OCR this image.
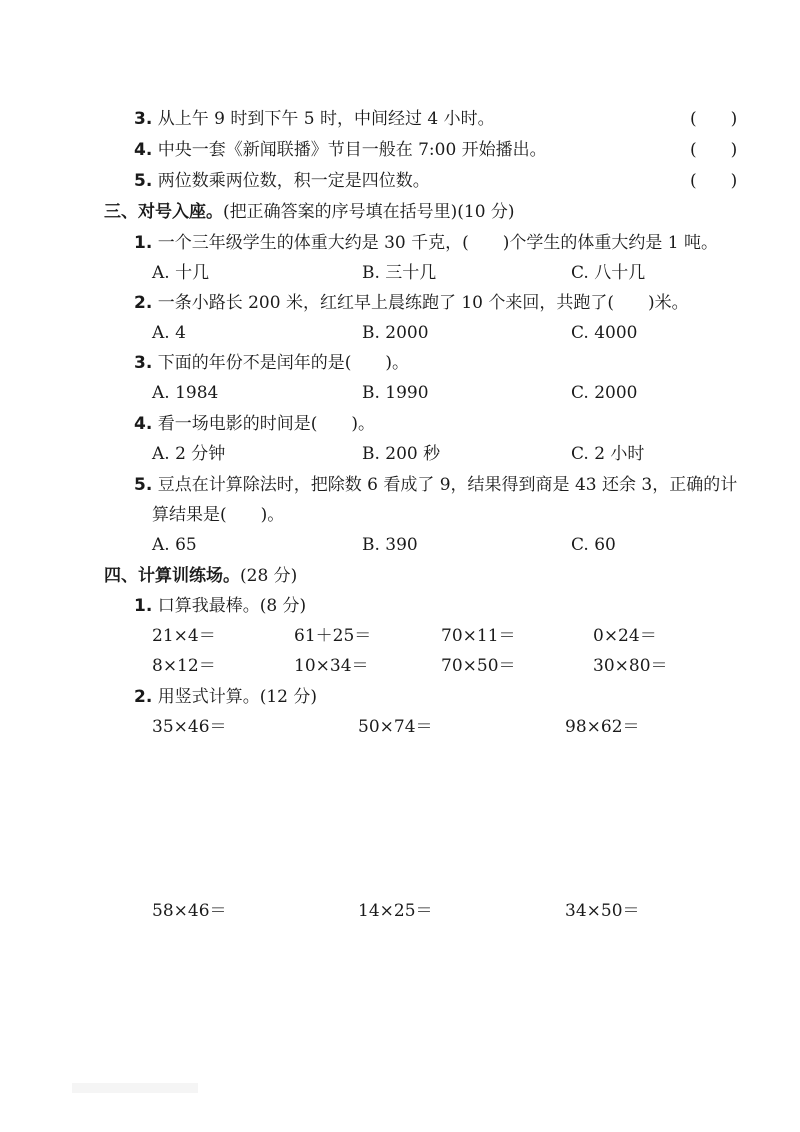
3. 从上午 9 时到下午 5 时，中间经过 4 小时。	(　　)
4. 中央一套《新闻联播》节目一般在 7:00 开始播出。	(　　)
5. 两位数乘两位数，积一定是四位数。	(　　)
三、对号入座。(把正确答案的序号填在括号里)(10 分)
1. 一个三年级学生的体重大约是 30 千克，(　　)个学生的体重大约是 1 吨。
A. 十几	B. 三十几	C. 八十几
2. 一条小路长 200 米，红红早上晨练跑了 10 个来回，共跑了(　　)米。
A. 4	B. 2000	C. 4000
3. 下面的年份不是闰年的是(　　)。
A. 1984	B. 1990	C. 2000
4. 看一场电影的时间是(　　)。
A. 2 分钟	B. 200 秒	C. 2 小时
5. 豆点在计算除法时，把除数 6 看成了 9，结果得到商是 43 还余 3，正确的计
算结果是(　　)。
A. 65	B. 390	C. 60
四、计算训练场。(28 分)
1. 口算我最棒。(8 分)
21×4＝	61＋25＝	70×11＝	0×24＝
8×12＝	10×34＝	70×50＝	30×80＝
2. 用竖式计算。(12 分)
35×46＝	50×74＝	98×62＝
58×46＝	14×25＝	34×50＝
